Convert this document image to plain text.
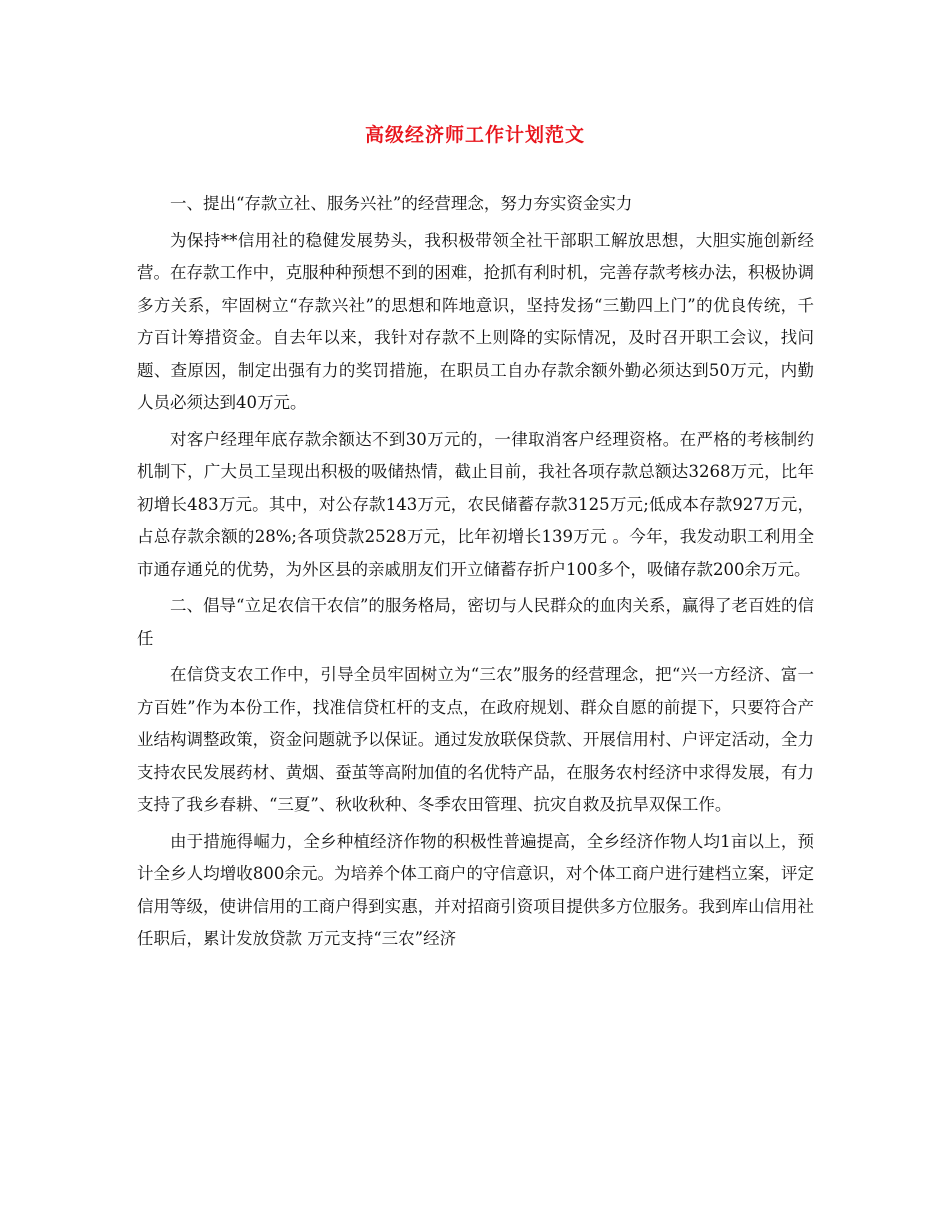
高级经济师工作计划范文

一、提出“存款立社、服务兴社”的经营理念，努力夯实资金实力

为保持**信用社的稳健发展势头，我积极带领全社干部职工解放思想，大胆实施创新经营。在存款工作中，克服种种预想不到的困难，抢抓有利时机，完善存款考核办法，积极协调多方关系，牢固树立“存款兴社”的思想和阵地意识，坚持发扬“三勤四上门”的优良传统，千方百计筹措资金。自去年以来，我针对存款不上则降的实际情况，及时召开职工会议，找问题、查原因，制定出强有力的奖罚措施，在职员工自办存款余额外勤必须达到50万元，内勤人员必须达到40万元。

对客户经理年底存款余额达不到30万元的，一律取消客户经理资格。在严格的考核制约机制下，广大员工呈现出积极的吸储热情，截止目前，我社各项存款总额达3268万元，比年初增长483万元。其中，对公存款143万元，农民储蓄存款3125万元;低成本存款927万元，占总存款余额的28%;各项贷款2528万元，比年初增长139万元 。今年，我发动职工利用全市通存通兑的优势，为外区县的亲戚朋友们开立储蓄存折户100多个，吸储存款200余万元。

二、倡导“立足农信干农信”的服务格局，密切与人民群众的血肉关系，赢得了老百姓的信任

在信贷支农工作中，引导全员牢固树立为“三农”服务的经营理念，把“兴一方经济、富一方百姓”作为本份工作，找准信贷杠杆的支点，在政府规划、群众自愿的前提下，只要符合产业结构调整政策，资金问题就予以保证。通过发放联保贷款、开展信用村、户评定活动，全力支持农民发展药材、黄烟、蚕茧等高附加值的名优特产品，在服务农村经济中求得发展，有力支持了我乡春耕、“三夏”、秋收秋种、冬季农田管理、抗灾自救及抗旱双保工作。

由于措施得崛力，全乡种植经济作物的积极性普遍提高，全乡经济作物人均1亩以上，预计全乡人均增收800余元。为培养个体工商户的守信意识，对个体工商户进行建档立案，评定信用等级，使讲信用的工商户得到实惠，并对招商引资项目提供多方位服务。我到库山信用社任职后，累计发放贷款 万元支持“三农”经济
